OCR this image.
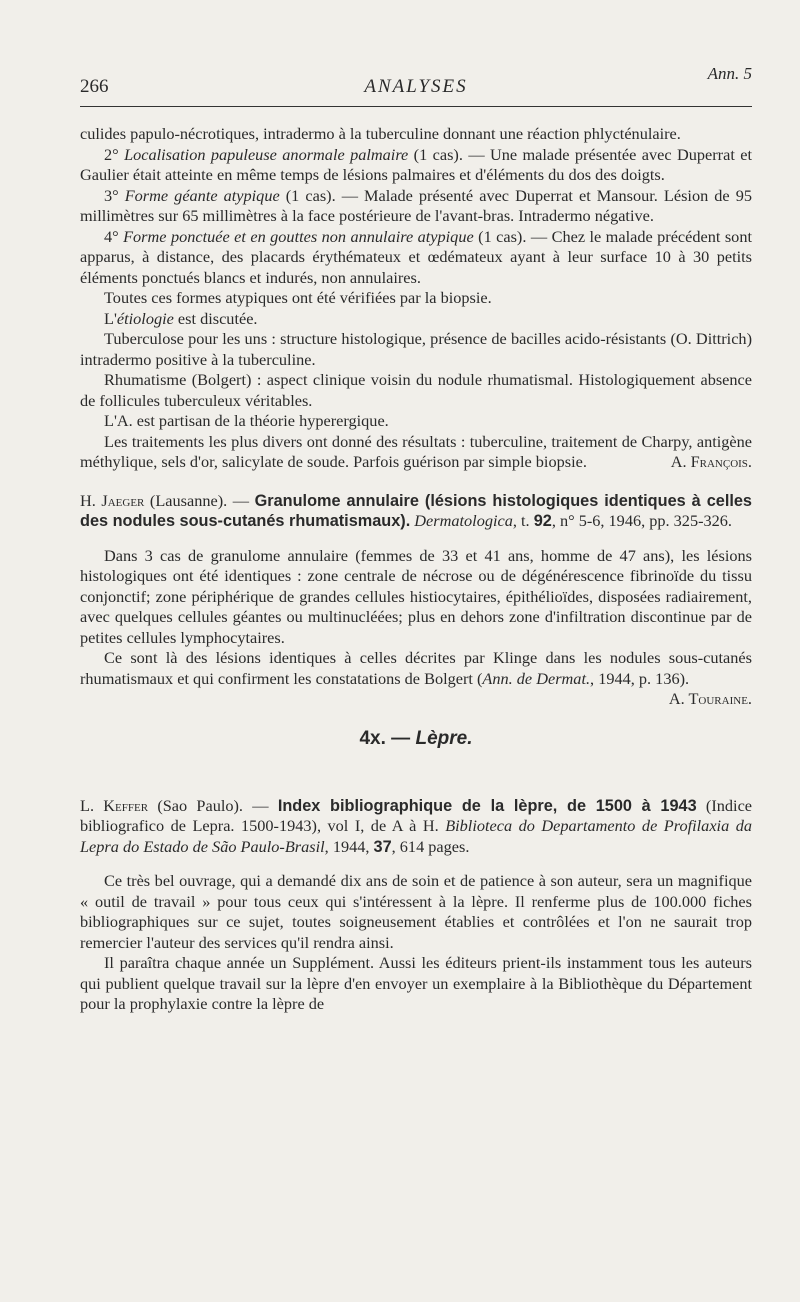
266	ANALYSES
Ann. 5

culides papulo-nécrotiques, intradermo à la tuberculine donnant une réaction phlycténulaire.

2° Localisation papuleuse anormale palmaire (1 cas). — Une malade présentée avec Duperrat et Gaulier était atteinte en même temps de lésions palmaires et d'éléments du dos des doigts.

3° Forme géante atypique (1 cas). — Malade présenté avec Duperrat et Mansour. Lésion de 95 millimètres sur 65 millimètres à la face postérieure de l'avant-bras. Intradermo négative.

4° Forme ponctuée et en gouttes non annulaire atypique (1 cas). — Chez le malade précédent sont apparus, à distance, des placards érythémateux et œdémateux ayant à leur surface 10 à 30 petits éléments ponctués blancs et indurés, non annulaires.

Toutes ces formes atypiques ont été vérifiées par la biopsie.

L'étiologie est discutée.

Tuberculose pour les uns : structure histologique, présence de bacilles acido-résistants (O. Dittrich) intradermo positive à la tuberculine.

Rhumatisme (Bolgert) : aspect clinique voisin du nodule rhumatismal. Histologiquement absence de follicules tuberculeux véritables.

L'A. est partisan de la théorie hyperergique.

Les traitements les plus divers ont donné des résultats : tuberculine, traitement de Charpy, antigène méthylique, sels d'or, salicylate de soude. Parfois guérison par simple biopsie.	A. François.

H. Jaeger (Lausanne). — Granulome annulaire (lésions histologiques identiques à celles des nodules sous-cutanés rhumatismaux). Dermatologica, t. 92, n° 5-6, 1946, pp. 325-326.

Dans 3 cas de granulome annulaire (femmes de 33 et 41 ans, homme de 47 ans), les lésions histologiques ont été identiques : zone centrale de nécrose ou de dégénérescence fibrinoïde du tissu conjonctif; zone périphérique de grandes cellules histiocytaires, épithélioïdes, disposées radiairement, avec quelques cellules géantes ou multinucléées; plus en dehors zone d'infiltration discontinue par de petites cellules lymphocytaires.

Ce sont là des lésions identiques à celles décrites par Klinge dans les nodules sous-cutanés rhumatismaux et qui confirment les constatations de Bolgert (Ann. de Dermat., 1944, p. 136).
A. Touraine.

4x. — Lèpre.

L. Keffer (Sao Paulo). — Index bibliographique de la lèpre, de 1500 à 1943 (Indice bibliografico de Lepra. 1500-1943), vol I, de A à H. Biblioteca do Departamento de Profilaxia da Lepra do Estado de São Paulo-Brasil, 1944, 37, 614 pages.

Ce très bel ouvrage, qui a demandé dix ans de soin et de patience à son auteur, sera un magnifique « outil de travail » pour tous ceux qui s'intéressent à la lèpre. Il renferme plus de 100.000 fiches bibliographiques sur ce sujet, toutes soigneusement établies et contrôlées et l'on ne saurait trop remercier l'auteur des services qu'il rendra ainsi.

Il paraîtra chaque année un Supplément. Aussi les éditeurs prient-ils instamment tous les auteurs qui publient quelque travail sur la lèpre d'en envoyer un exemplaire à la Bibliothèque du Département pour la prophylaxie contre la lèpre de
